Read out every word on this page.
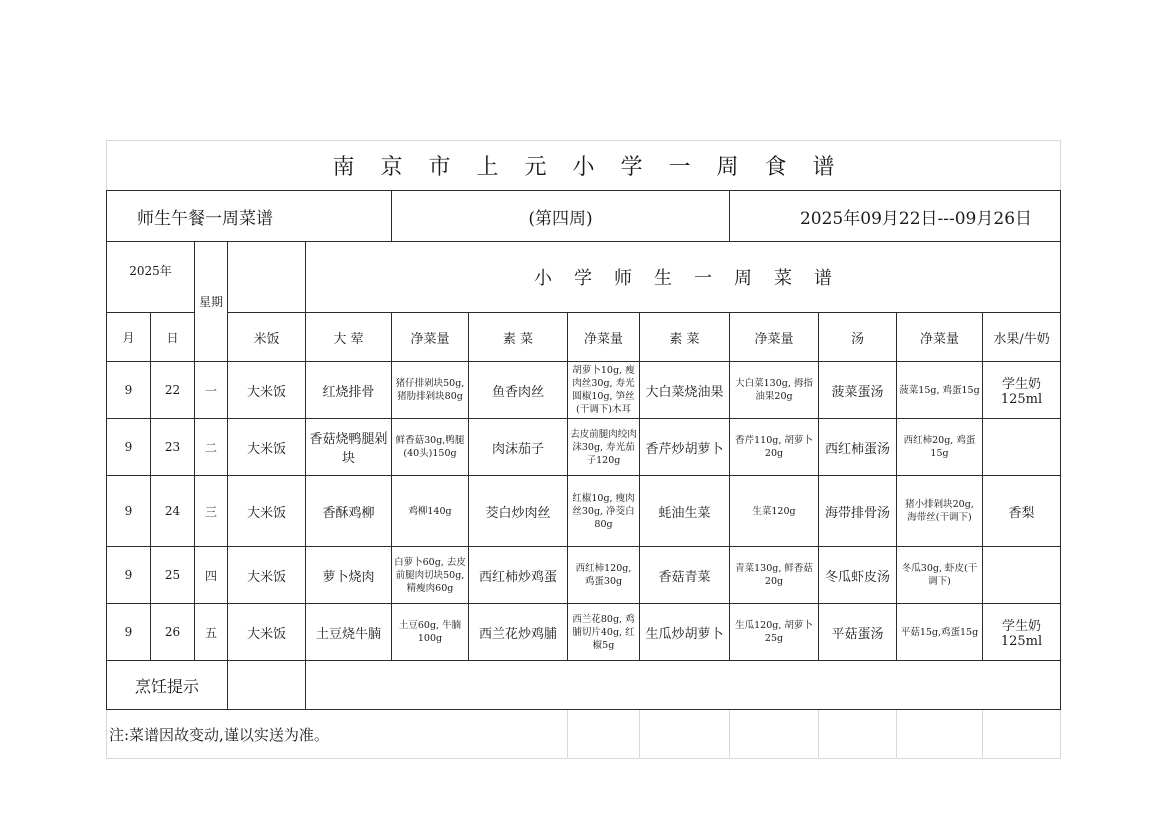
南京市上元小学一周食谱												
师生午餐一周菜谱					(第四周)				2025年09月22日---09月26日			
2025年		星期		小学师生一周菜谱								
月	日		米饭	大 荤	净菜量	素 菜	净菜量	素 菜	净菜量	汤	净菜量	水果/牛奶
9	22	一	大米饭	红烧排骨	猪仔排剁块50g,猪肋排剁块80g	鱼香肉丝	胡萝卜10g, 瘦肉丝30g, 寿光圆椒10g, 笋丝(干调下)木耳	大白菜烧油果	大白菜130g, 拇指油果20g	菠菜蛋汤	菠菜15g, 鸡蛋15g	学生奶125ml
9	23	二	大米饭	香菇烧鸭腿剁块	鲜香菇30g,鸭腿(40头)150g	肉沫茄子	去皮前腿肉绞肉沫30g, 寿光茄子120g	香芹炒胡萝卜	香芹110g, 胡萝卜20g	西红柿蛋汤	西红柿20g, 鸡蛋15g	
9	24	三	大米饭	香酥鸡柳	鸡柳140g	茭白炒肉丝	红椒10g, 瘦肉丝30g, 净茭白80g	蚝油生菜	生菜120g	海带排骨汤	猪小排剁块20g, 海带丝(干调下)	香梨
9	25	四	大米饭	萝卜烧肉	白萝卜60g, 去皮前腿肉切块50g, 精瘦肉60g	西红柿炒鸡蛋	西红柿120g, 鸡蛋30g	香菇青菜	青菜130g, 鲜香菇20g	冬瓜虾皮汤	冬瓜30g, 虾皮(干调下)	
9	26	五	大米饭	土豆烧牛腩	土豆60g, 牛腩100g	西兰花炒鸡脯	西兰花80g, 鸡脯切片40g, 红椒5g	生瓜炒胡萝卜	生瓜120g, 胡萝卜25g	平菇蛋汤	平菇15g,鸡蛋15g	学生奶 125ml
烹饪提示												
注:菜谱因故变动,谨以实送为准。												
